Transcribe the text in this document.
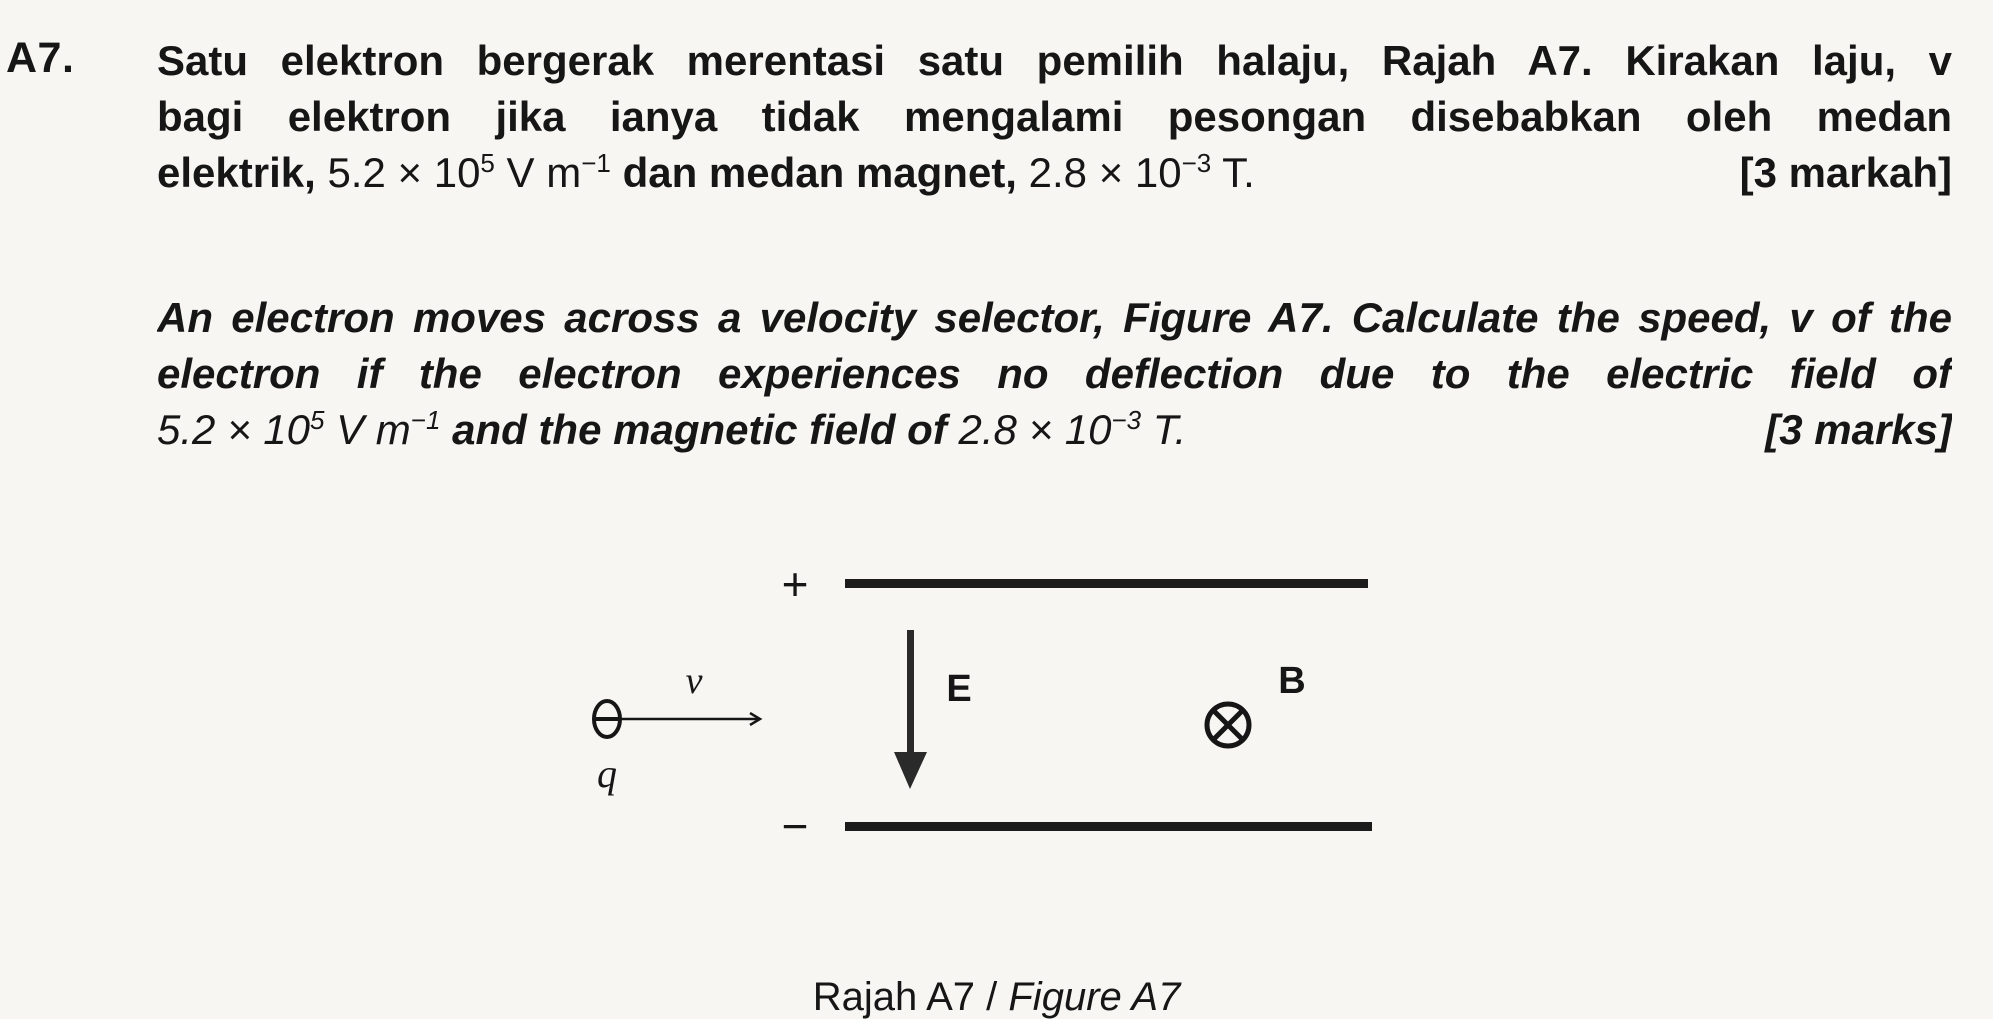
A7. Satu elektron bergerak merentasi satu pemilih halaju, Rajah A7. Kirakan laju, v
bagi elektron jika ianya tidak mengalami pesongan disebabkan oleh medan
elektrik, $5.2 \times 10^5$ V $m^{-1}$ dan medan magnet, $2.8 \times 10^{-3}$ T.	[3 markah]
An electron moves across a velocity selector, Figure A7. Calculate the speed, v of the
electron if the electron experiences no deflection due to the electric field of
$5.2 \times 10^5$ V $m^{-1}$ and the magnetic field of $2.8 \times 10^{-3}$ T.	[3 marks]
+
−
v
q
E	B
Rajah A7 / Figure A7
